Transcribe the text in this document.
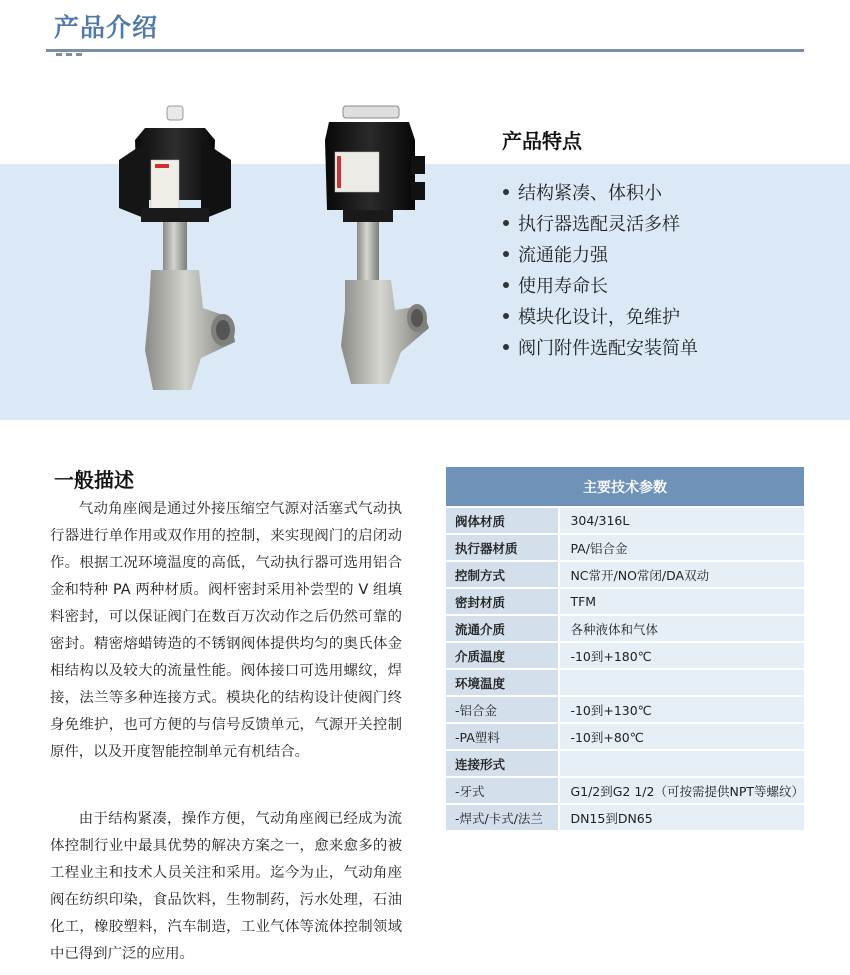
产品介绍
产品特点
结构紧凑、体积小
执行器选配灵活多样
流通能力强
使用寿命长
模块化设计，免维护
阀门附件选配安装简单
一般描述

气动角座阀是通过外接压缩空气源对活塞式气动执行器进行单作用或双作用的控制，来实现阀门的启闭动作。根据工况环境温度的高低，气动执行器可选用铝合金和特种 PA 两种材质。阀杆密封采用补尝型的 V 组填料密封，可以保证阀门在数百万次动作之后仍然可靠的密封。精密熔蜡铸造的不锈钢阀体提供均匀的奥氏体金相结构以及较大的流量性能。阀体接口可选用螺纹，焊接，法兰等多种连接方式。模块化的结构设计使阀门终身免维护，也可方便的与信号反馈单元，气源开关控制原件，以及开度智能控制单元有机结合。

由于结构紧凑，操作方便，气动角座阀已经成为流体控制行业中最具优势的解决方案之一，愈来愈多的被工程业主和技术人员关注和采用。迄今为止，气动角座阀在纺织印染，食品饮料，生物制药，污水处理，石油化工，橡胶塑料，汽车制造，工业气体等流体控制领域中已得到广泛的应用。

主要技术参数	
阀体材质	304/316L
执行器材质	PA/铝合金
控制方式	NC常开/NO常闭/DA双动
密封材质	TFM
流通介质	各种液体和气体
介质温度	-10到+180℃
环境温度	
-铝合金	-10到+130℃
-PA塑料	-10到+80℃
连接形式	
-牙式	G1/2到G2 1/2（可按需提供NPT等螺纹）
-焊式/卡式/法兰	DN15到DN65
